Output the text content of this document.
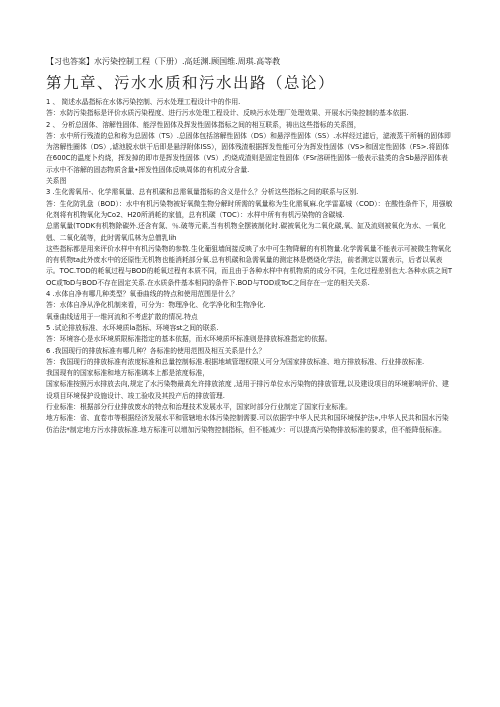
【习也答案】水污染控制工程（下册）.高廷渊.顾国维.周琪.高等教
第九章、污水水质和污水出路（总论）

1 、 简述水晶指标在水体污染控制、污水处理工程设计中的作用.

答：水防污染指标是评价水质污染程度、进行污水处理工程设计、反映污水处理厂处理效果、开展水污染控制的基本依据.

2 、 分析总固体、溶解性固体、能浮性固体及挥发性固体指标之间的相互联系，祷出这些指标的关系图，

答：水中所行残渣的总和称为总固体（TS）.总固体包括溶解性固体（DS）和悬浮性固体（SS）.水样经过滤后，滤液蒸干所桶的固体即为溶解性圈体（DS）,谑池脱水烘干后即是悬浮附体ISS），固体残渣根据挥发性能可分为挥发性固体（VS>和固定性固体（FS>.将固体在600C的温度卜灼烧，挥发掉的即市是挥发性固体（VS）,灼烧成渣则是固定性固体（FSr溶研性固体一般表示盐类的含Sb悬浮固体表示水中不溶解的固态物质含量•挥发性固体反映周体的有机成分含量.

关系图

3 .生化需氧吊-、化学需氧量、总有机碳和总需氧量指标的含义是什么？分析这些指标之间的联系与区别.

答：生化防乳盘（BOD）：水中有机污染物被好氧微生物分解时所需的氧量称为生化需氧麻.化学雷嘉城（COD）：在酸性条件下，用强敏化剂将有机物氧化为Co2、H20所消耗的家值，总有机碳（TOC）：水样中所有有机污染物的含碳城.

总需氧量(TODK有机物除碳外.还含有氮、％.破等元素,当有机物全摆被制化时.碳被氧化为二氧化碳,氧、缸及流则被氧化为水、一氧化剋、二氧化硫等，此时需氧瓜林为总僧乳lih

这些指标都是用来评价水样中有机污染物的参数.生化葡狙墙间接反映了水中可生物降解的有机物量.化学需氧量不能表示可被微生物氧化的有机物ta此外废水中的还原性无机物也能消耗部分氧.总有机碳和急需氧量的测定林是燃烧化学法，前者测定以置表示，后者以氧表示。TOC.TOD的耗氧过程与BOD的耗氧过程有本质不同，而且由于各种水样中有机物质的成分不同，生化过程差别也大.各种水质之间TOC或ToD与BOD不存在固定关系.在水质条件基本相同的条件下.BOD与TOD或ToC之间存在一定的相关关系.

4 .水体自净有哪几种类型？氧垂曲线的特点和使用范围是什么？

答：水体自净从净化机制来看，可分为：物理净化、化学净化和生物净化.

氧垂曲线适用于一维河流和不考虑扩散的情况.特点

5 .试论排放标准、水环境质la指标、环境容st之间的联系.

答：环境容心是水环境质限标准指定的基本依据，而水环境质坏标准则是排放标准指定的依据。

6 .我国现行的排放标准有哪几种？各标准的使用范围及相互关系是什么？

答：我国现行的排放标准有浓度标准和总量控制标准.根据地域管理权限乂可分为国家排放标准、地方排放标准、行业排放标准.

我国现有的国家标准和地方标准璃本上都是浓度标准，

国家标准按照污水排放去向,规定了水污染物最高允许排放浓度 ,适用于排污单位水污染物的排放管理,以及建设项目的环境影响评价、建设项目环境保护设施设计、竣工验收及其投产后的排放管理.

行业标准：根据部分行业排放废水的特点和治理技术发展水平，国家时部分行业制定了国家行业标准。

地方标准：省、直卷市等根据经济发展水平和管辖地水体污染控制需要.可以依据学中华人民共和国环境保护法»,中华人民共和国水污染仿治法*制定地方污水排放标准.地方标准可以增加污染物控制指标，但不能减少：可以提高污染物排放标准的要求，但不能降低标准。
